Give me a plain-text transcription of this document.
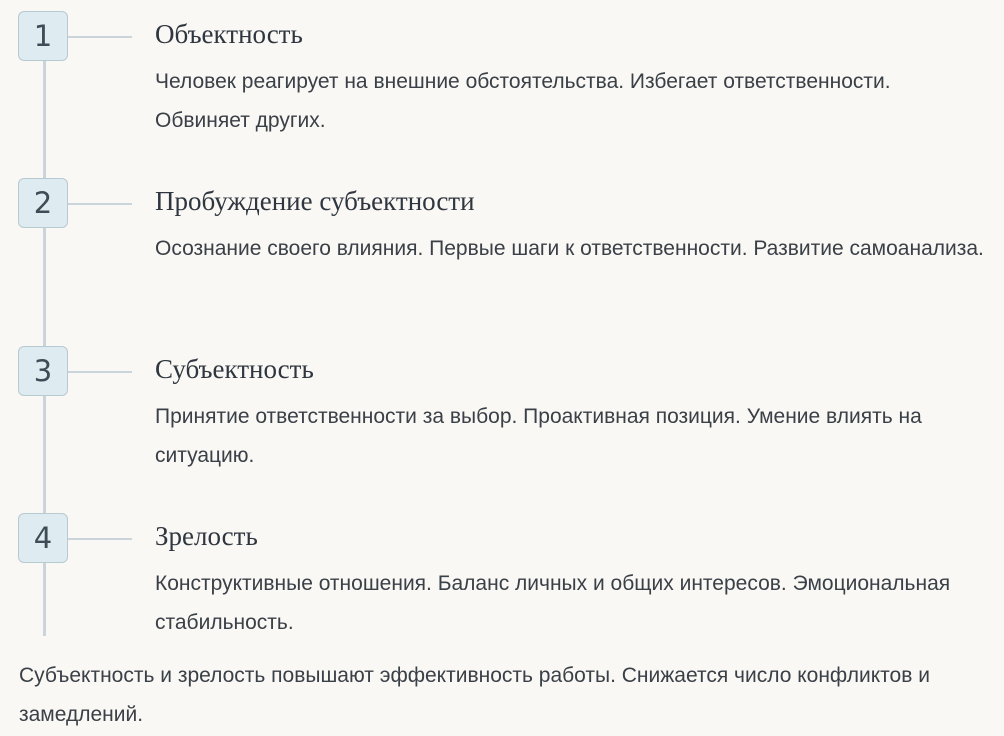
1	Объектность
Человек реагирует на внешние обстоятельства. Избегает ответственности. Обвиняет других.
2	Пробуждение субъектности
Осознание своего влияния. Первые шаги к ответственности. Развитие самоанализа.
3	Субъектность
Принятие ответственности за выбор. Проактивная позиция. Умение влиять на ситуацию.
4	Зрелость
Конструктивные отношения. Баланс личных и общих интересов. Эмоциональная стабильность.

Субъектность и зрелость повышают эффективность работы. Снижается число конфликтов и замедлений.
